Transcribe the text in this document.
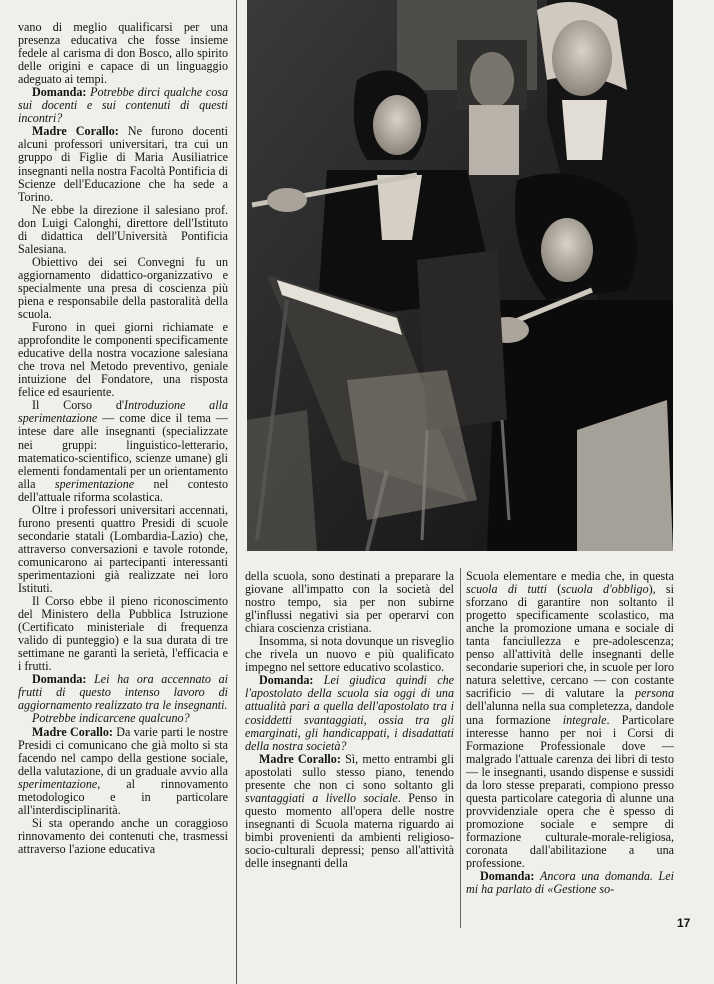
vano di meglio qualificarsi per una presenza educativa che fosse insieme fedele al carisma di don Bosco, allo spirito delle origini e capace di un linguaggio adeguato ai tempi.

Domanda: Potrebbe dirci qualche cosa sui docenti e sui contenuti di questi incontri?

Madre Corallo: Ne furono docenti alcuni professori universitari, tra cui un gruppo di Figlie di Maria Ausiliatrice insegnanti nella nostra Facoltà Pontificia di Scienze dell'Educazione che ha sede a Torino.

Ne ebbe la direzione il salesiano prof. don Luigi Calonghi, direttore dell'Istituto di didattica dell'Università Pontificia Salesiana.

Obiettivo dei sei Convegni fu un aggiornamento didattico-organizzativo e specialmente una presa di coscienza più piena e responsabile della pastoralità della scuola.

Furono in quei giorni richiamate e approfondite le componenti specificamente educative della nostra vocazione salesiana che trova nel Metodo preventivo, geniale intuizione del Fondatore, una risposta felice ed esauriente.

Il Corso d'Introduzione alla sperimentazione — come dice il tema — intese dare alle insegnanti (specializzate nei gruppi: linguistico-letterario, matematico-scientifico, scienze umane) gli elementi fondamentali per un orientamento alla sperimentazione nel contesto dell'attuale riforma scolastica.

Oltre i professori universitari accennati, furono presenti quattro Presidi di scuole secondarie statali (Lombardia-Lazio) che, attraverso conversazioni e tavole rotonde, comunicarono ai partecipanti interessanti sperimentazioni già realizzate nei loro Istituti.

Il Corso ebbe il pieno riconoscimento del Ministero della Pubblica Istruzione (Certificato ministeriale di frequenza valido di punteggio) e la sua durata di tre settimane ne garantì la serietà, l'efficacia e i frutti.

Domanda: Lei ha ora accennato ai frutti di questo intenso lavoro di aggiornamento realizzato tra le insegnanti.

Potrebbe indicarcene qualcuno?

Madre Corallo: Da varie parti le nostre Presidi ci comunicano che già molto si sta facendo nel campo della gestione sociale, della valutazione, di un graduale avvio alla sperimentazione, al rinnovamento metodologico e in particolare all'interdisciplinarità.

Si sta operando anche un coraggioso rinnovamento dei contenuti che, trasmessi attraverso l'azione educativa

della scuola, sono destinati a preparare la giovane all'impatto con la società del nostro tempo, sia per non subirne gl'influssi negativi sia per operarvi con chiara coscienza cristiana.

Insomma, si nota dovunque un risveglio che rivela un nuovo e più qualificato impegno nel settore educativo scolastico.

Domanda: Lei giudica quindi che l'apostolato della scuola sia oggi di una attualità pari a quella dell'apostolato tra i cosiddetti svantaggiati, ossia tra gli emarginati, gli handicappati, i disadattati della nostra società?

Madre Corallo: Sì, metto entrambi gli apostolati sullo stesso piano, tenendo presente che non ci sono soltanto gli svantaggiati a livello sociale. Penso in questo momento all'opera delle nostre insegnanti di Scuola materna riguardo ai bimbi provenienti da ambienti religioso-socio-culturali depressi; penso all'attività delle insegnanti della

Scuola elementare e media che, in questa scuola di tutti (scuola d'obbligo), si sforzano di garantire non soltanto il progetto specificamente scolastico, ma anche la promozione umana e sociale di tanta fanciullezza e pre-adolescenza; penso all'attività delle insegnanti delle secondarie superiori che, in scuole per loro natura selettive, cercano — con costante sacrificio — di valutare la persona dell'alunna nella sua completezza, dandole una formazione integrale. Particolare interesse hanno per noi i Corsi di Formazione Professionale dove — malgrado l'attuale carenza dei libri di testo — le insegnanti, usando dispense e sussidi da loro stesse preparati, compiono presso questa particolare categoria di alunne una provvidenziale opera che è spesso di promozione sociale e sempre di formazione culturale-morale-religiosa, coronata dall'abilitazione a una professione.

Domanda: Ancora una domanda. Lei mi ha parlato di «Gestione so-

17
